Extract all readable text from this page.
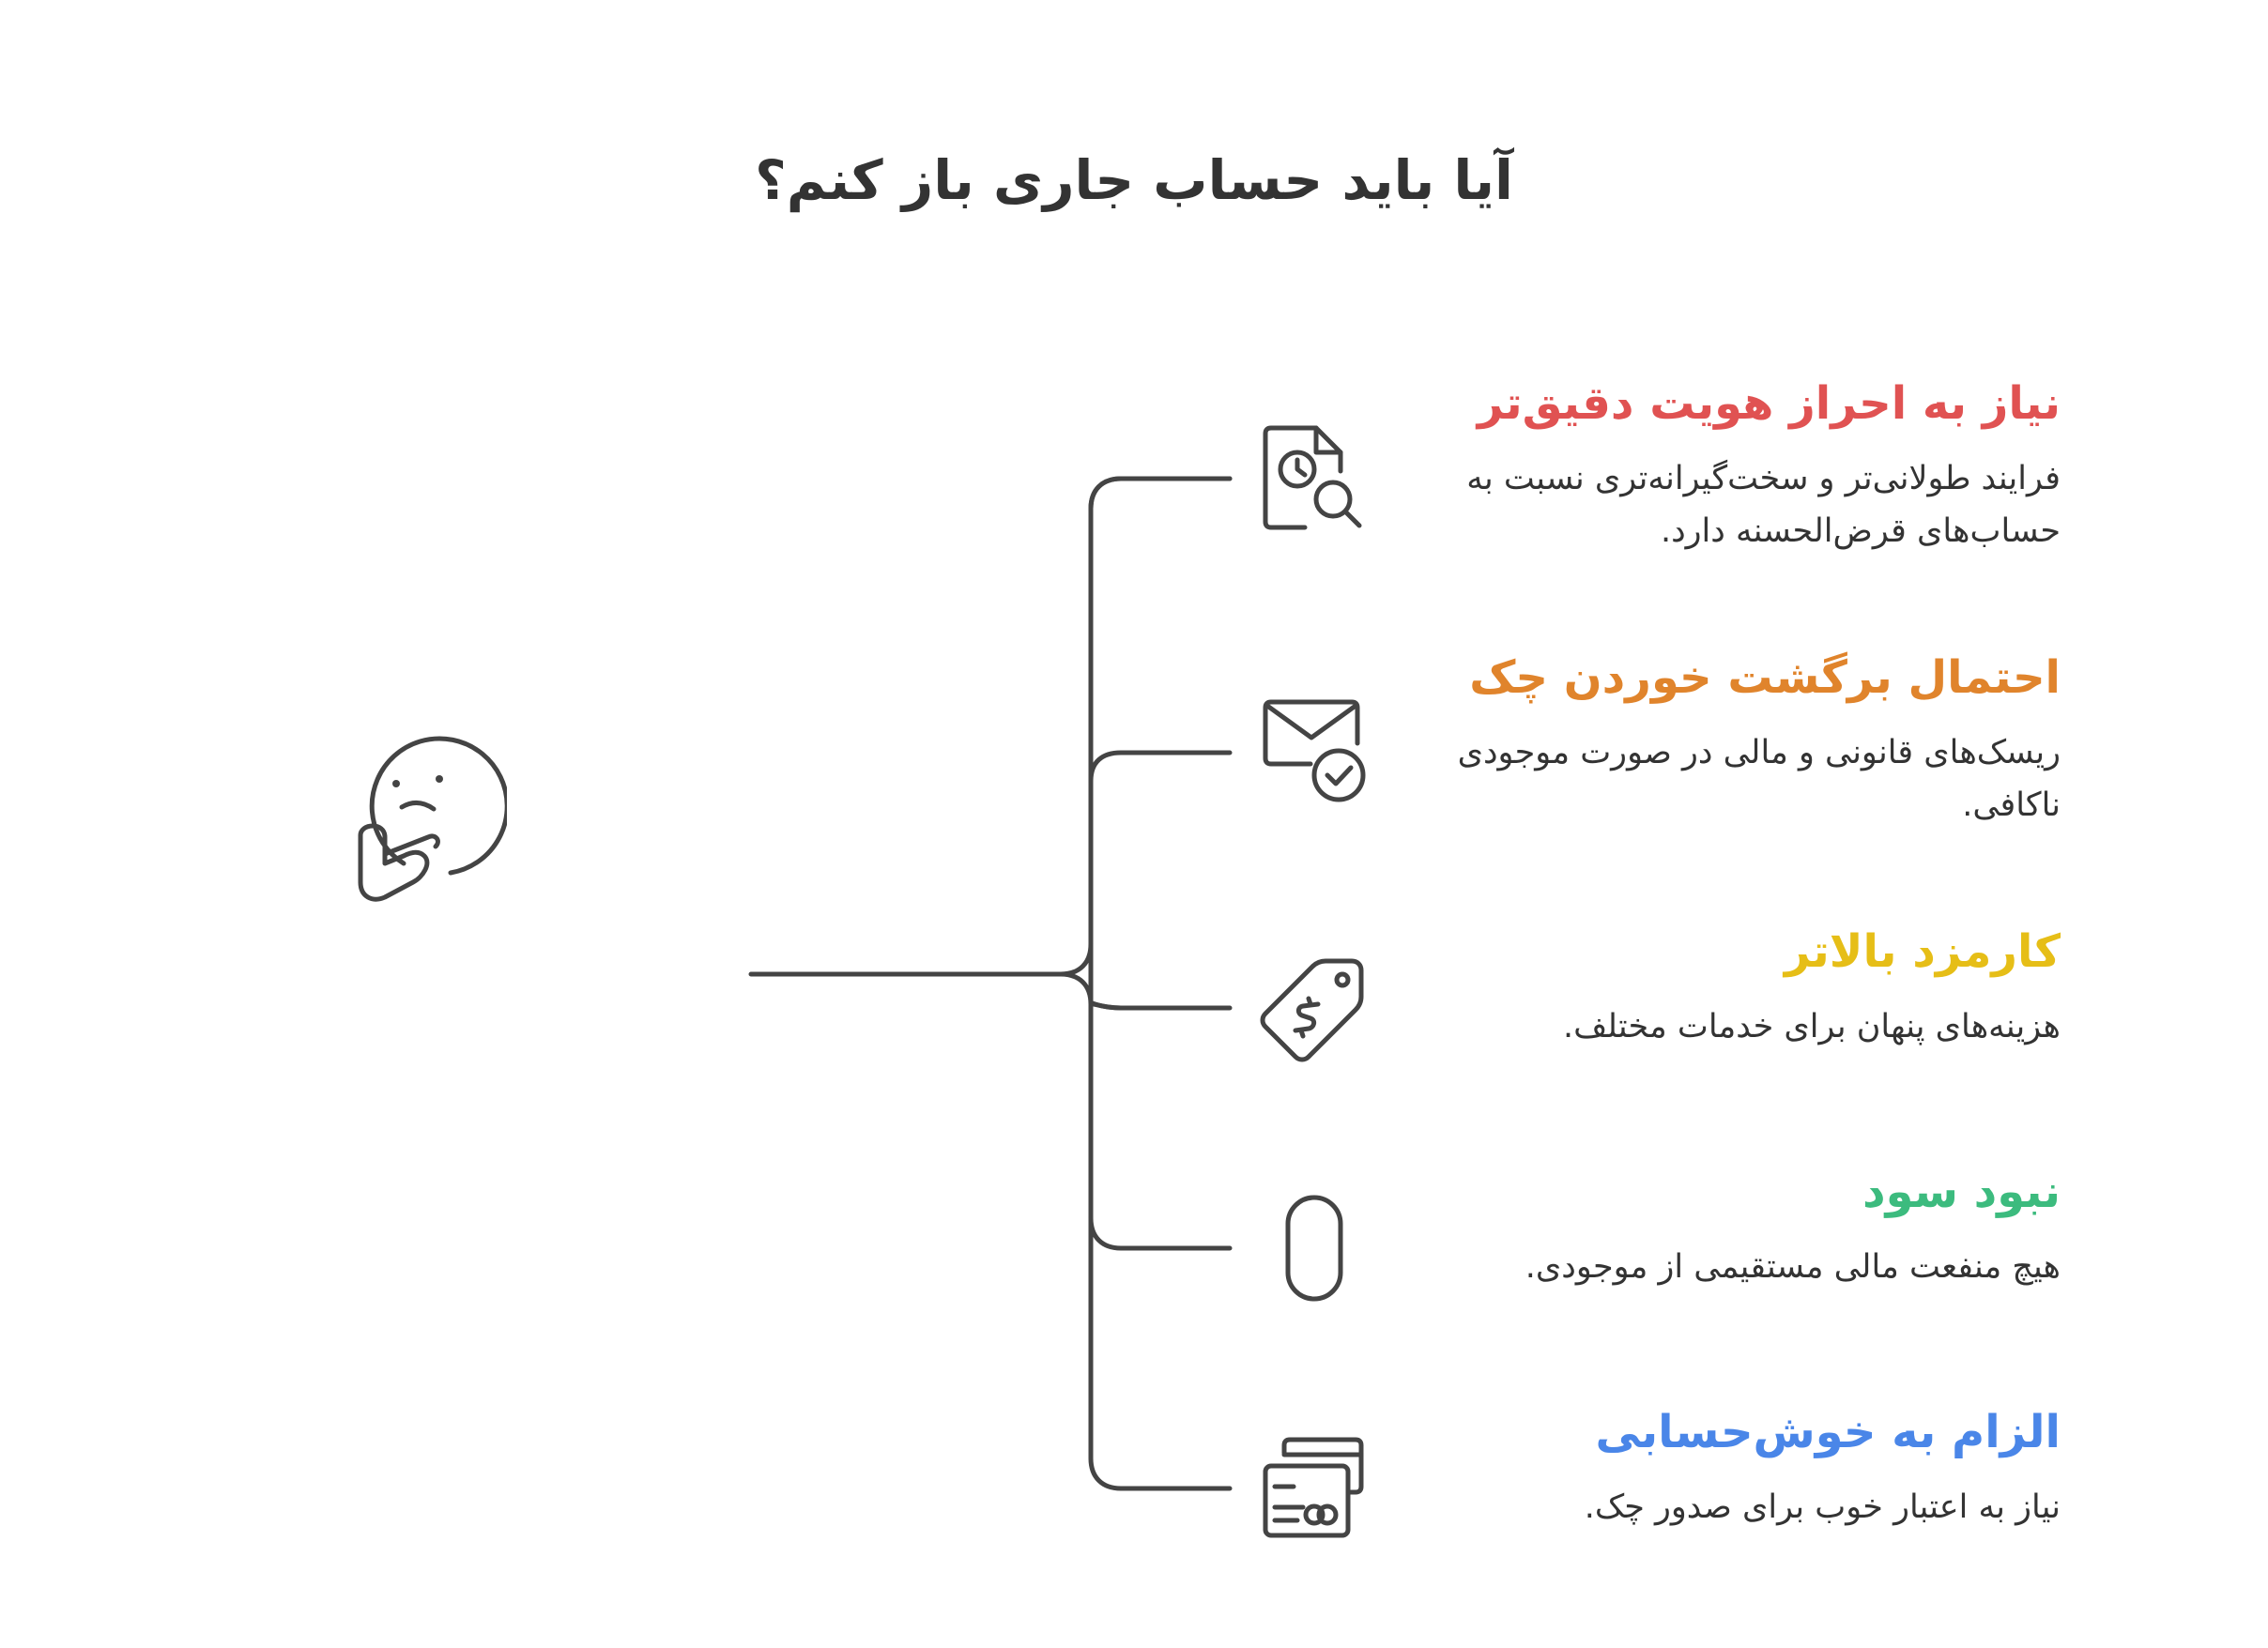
آیا باید حساب جاری باز کنم؟
نیاز به احراز هویت دقیق‌تر

فرایند طولانی‌تر و سخت‌گیرانه‌تری نسبت به حساب‌های قرض‌الحسنه دارد.

احتمال برگشت خوردن چک

ریسک‌های قانونی و مالی در صورت موجودی ناکافی.

کارمزد بالاتر

هزینه‌های پنهان برای خدمات مختلف.

نبود سود

هیچ منفعت مالی مستقیمی از موجودی.

الزام به خوش‌حسابی

نیاز به اعتبار خوب برای صدور چک.
